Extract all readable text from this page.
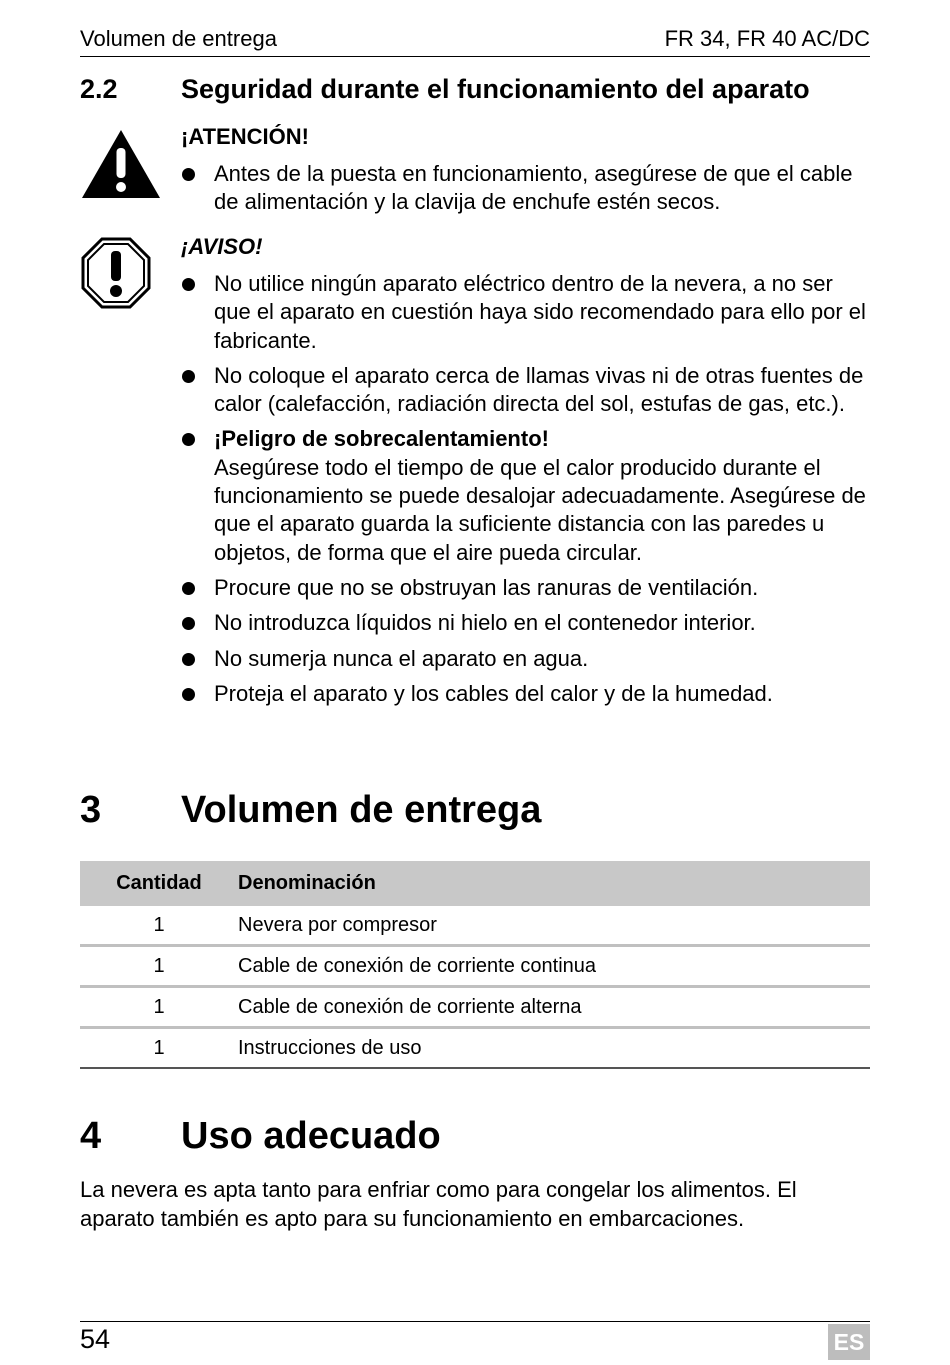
Volumen de entrega	FR 34, FR 40 AC/DC
2.2 Seguridad durante el funcionamiento del aparato
¡ATENCIÓN!
Antes de la puesta en funcionamiento, asegúrese de que el cable de alimentación y la clavija de enchufe estén secos.
¡AVISO!
No utilice ningún aparato eléctrico dentro de la nevera, a no ser que el aparato en cuestión haya sido recomendado para ello por el fabricante.
No coloque el aparato cerca de llamas vivas ni de otras fuentes de calor (calefacción, radiación directa del sol, estufas de gas, etc.).
¡Peligro de sobrecalentamiento!
Asegúrese todo el tiempo de que el calor producido durante el funcionamiento se puede desalojar adecuadamente. Asegúrese de que el aparato guarda la suficiente distancia con las paredes u objetos, de forma que el aire pueda circular.
Procure que no se obstruyan las ranuras de ventilación.
No introduzca líquidos ni hielo en el contenedor interior.
No sumerja nunca el aparato en agua.
Proteja el aparato y los cables del calor y de la humedad.
3 Volumen de entrega
Cantidad	Denominación
1	Nevera por compresor
1	Cable de conexión de corriente continua
1	Cable de conexión de corriente alterna
1	Instrucciones de uso
4 Uso adecuado
La nevera es apta tanto para enfriar como para congelar los alimentos. El aparato también es apto para su funcionamiento en embarcaciones.
54	ES
